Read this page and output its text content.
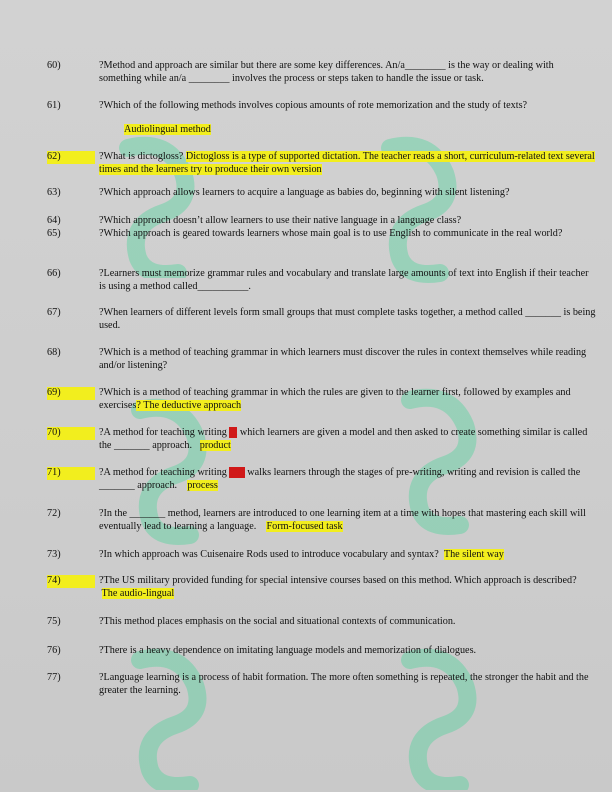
60)	?Method and approach are similar but there are some key differences. An/a________ is the way or dealing with something while an/a ________ involves the process or steps taken to handle the issue or task.
61)	?Which of the following methods involves copious amounts of rote memorization and the study of texts?
Audiolingual method
62)	?What is dictogloss? Dictogloss is a type of supported dictation. The teacher reads a short, curriculum-related text several times and the learners try to produce their own version
63)	?Which approach allows learners to acquire a language as babies do, beginning with silent listening?
64)	?Which approach doesn’t allow learners to use their native language in a language class?
65)	?Which approach is geared towards learners whose main goal is to use English to communicate in the real world?
66)	?Learners must memorize grammar rules and vocabulary and translate large amounts of text into English if their teacher is using a method called__________.
67)	?When learners of different levels form small groups that must complete tasks together, a method called _______ is being used.
68)	?Which is a method of teaching grammar in which learners must discover the rules in context themselves while reading and/or listening?
69)	?Which is a method of teaching grammar in which the rules are given to the learner first, followed by examples and exercises? The deductive approach
70)	?A method for teaching writing in which learners are given a model and then asked to create something similar is called the _______ approach. product
71)	?A method for teaching writing that walks learners through the stages of pre-writing, writing and revision is called the _______ approach. process
72)	?In the _______ method, learners are introduced to one learning item at a time with hopes that mastering each skill will eventually lead to learning a language. Form-focused task
73)	?In which approach was Cuisenaire Rods used to introduce vocabulary and syntax? The silent way
74)	?The US military provided funding for special intensive courses based on this method. Which approach is described?  The audio-lingual
75)	?This method places emphasis on the social and situational contexts of communication.
76)	?There is a heavy dependence on imitating language models and memorization of dialogues.
77)	?Language learning is a process of habit formation. The more often something is repeated, the stronger the habit and the greater the learning.
